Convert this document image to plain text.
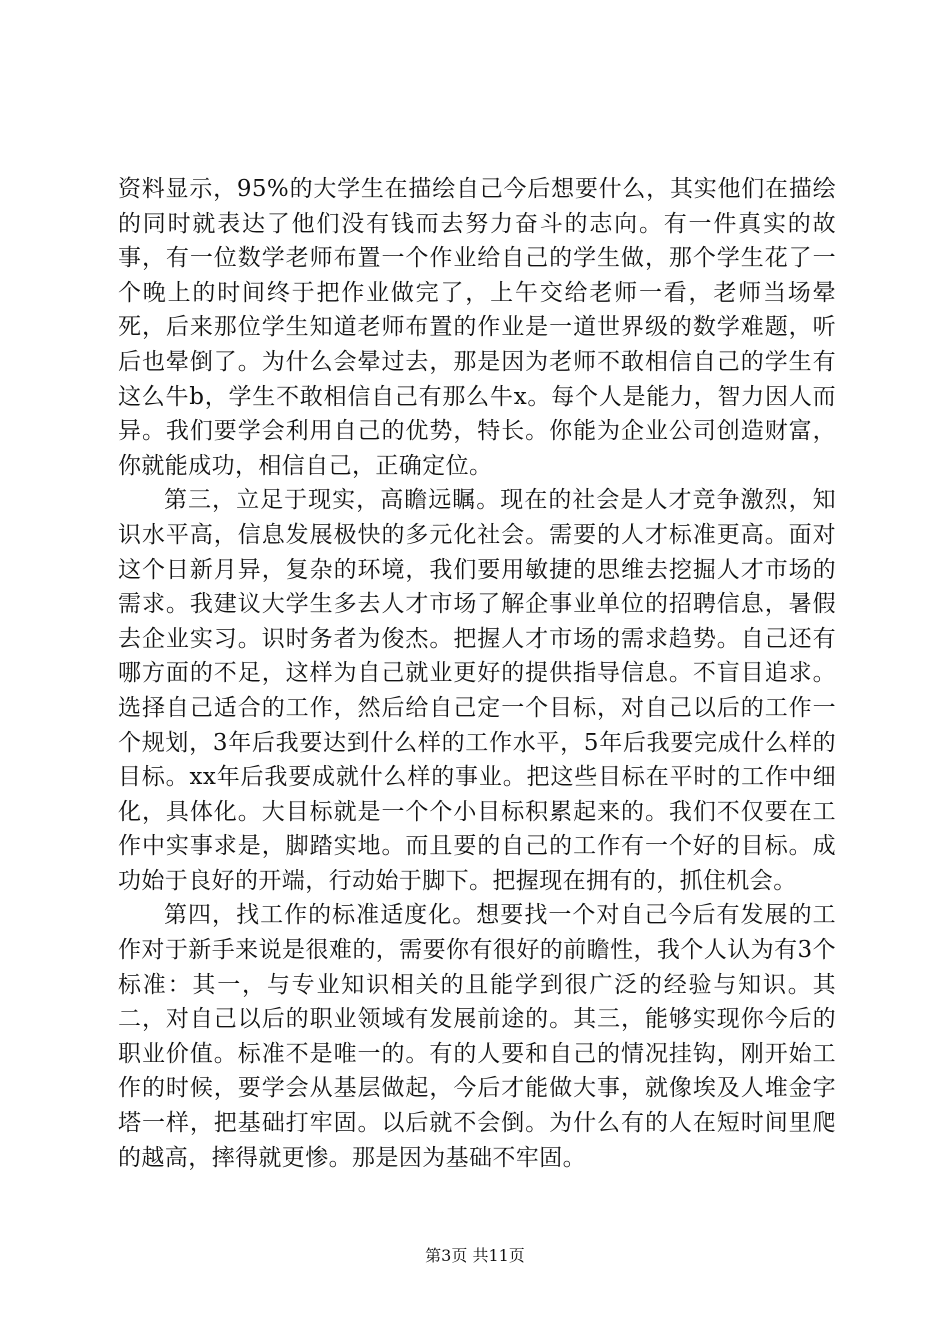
资料显示，95%的大学生在描绘自己今后想要什么，其实他们在描绘的同时就表达了他们没有钱而去努力奋斗的志向。有一件真实的故事，有一位数学老师布置一个作业给自己的学生做，那个学生花了一个晚上的时间终于把作业做完了，上午交给老师一看，老师当场晕死，后来那位学生知道老师布置的作业是一道世界级的数学难题，听后也晕倒了。为什么会晕过去，那是因为老师不敢相信自己的学生有这么牛b，学生不敢相信自己有那么牛x。每个人是能力，智力因人而异。我们要学会利用自己的优势，特长。你能为企业公司创造财富，你就能成功，相信自己，正确定位。

第三，立足于现实，高瞻远瞩。现在的社会是人才竞争激烈，知识水平高，信息发展极快的多元化社会。需要的人才标准更高。面对这个日新月异，复杂的环境，我们要用敏捷的思维去挖掘人才市场的需求。我建议大学生多去人才市场了解企事业单位的招聘信息，暑假去企业实习。识时务者为俊杰。把握人才市场的需求趋势。自己还有哪方面的不足，这样为自己就业更好的提供指导信息。不盲目追求。选择自己适合的工作，然后给自己定一个目标，对自己以后的工作一个规划，3年后我要达到什么样的工作水平，5年后我要完成什么样的目标。xx年后我要成就什么样的事业。把这些目标在平时的工作中细化，具体化。大目标就是一个个小目标积累起来的。我们不仅要在工作中实事求是，脚踏实地。而且要的自己的工作有一个好的目标。成功始于良好的开端，行动始于脚下。把握现在拥有的，抓住机会。

第四，找工作的标准适度化。想要找一个对自己今后有发展的工作对于新手来说是很难的，需要你有很好的前瞻性，我个人认为有3个标准：其一，与专业知识相关的且能学到很广泛的经验与知识。其二，对自己以后的职业领域有发展前途的。其三，能够实现你今后的职业价值。标准不是唯一的。有的人要和自己的情况挂钩，刚开始工作的时候，要学会从基层做起，今后才能做大事，就像埃及人堆金字塔一样，把基础打牢固。以后就不会倒。为什么有的人在短时间里爬的越高，摔得就更惨。那是因为基础不牢固。

第3页 共11页
